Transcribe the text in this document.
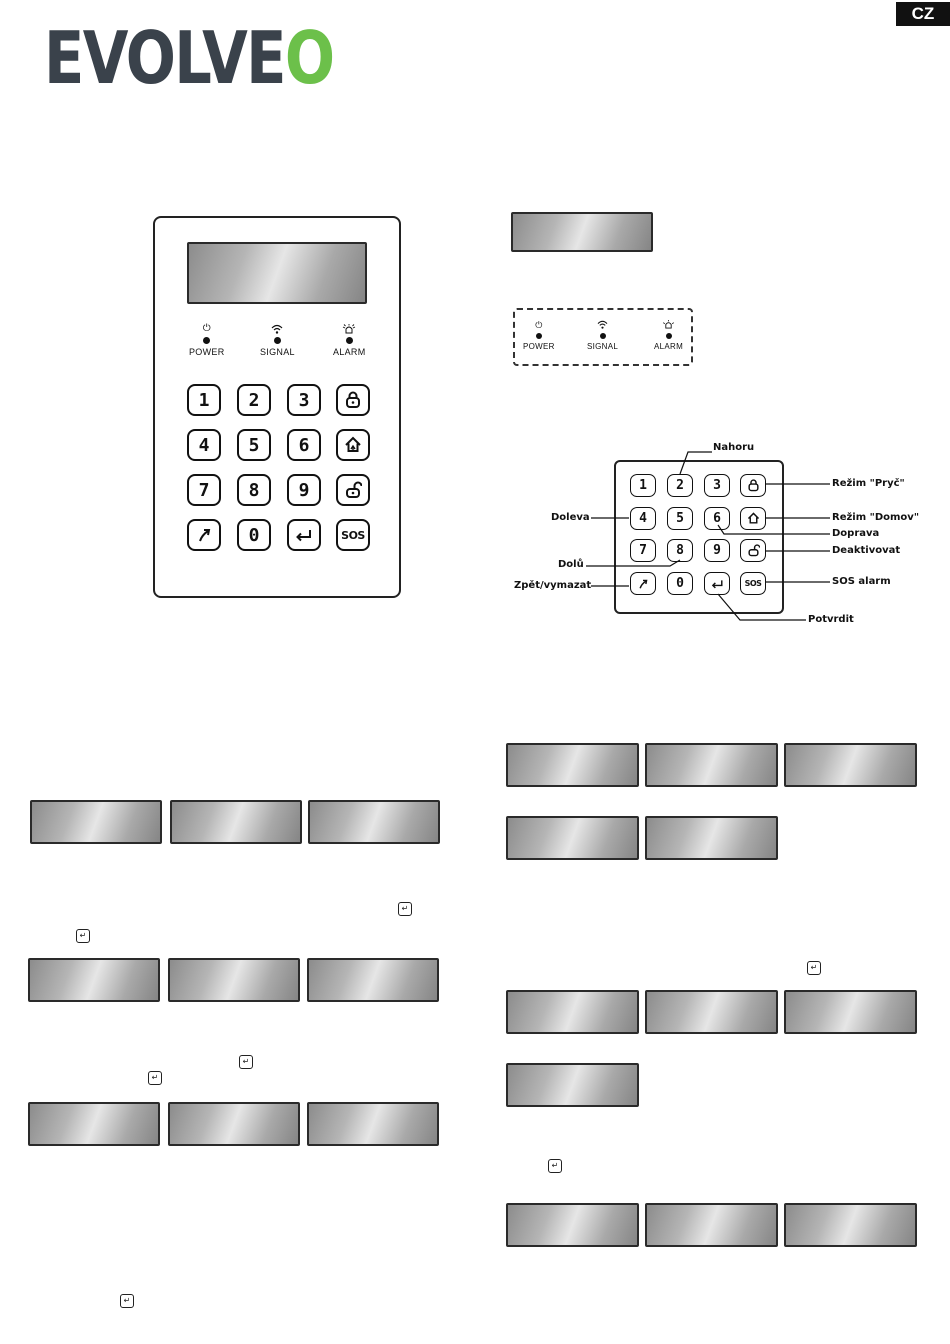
EVOLVEO
CZ
⏻
POWER	SIGNAL	ALARM
1	2	3
4	5	6
7	8	9
0	SOS
⏻
POWER	SIGNAL	ALARM
1	2	3
4	5	6
7	8	9
0	SOS
Nahoru
Doleva
Doprava
Dolů
Zpět/vymazat
Potvrdit
Režim "Pryč"
Režim "Domov"
Deaktivovat
SOS alarm
↵
↵
↵
↵
↵
↵
↵
